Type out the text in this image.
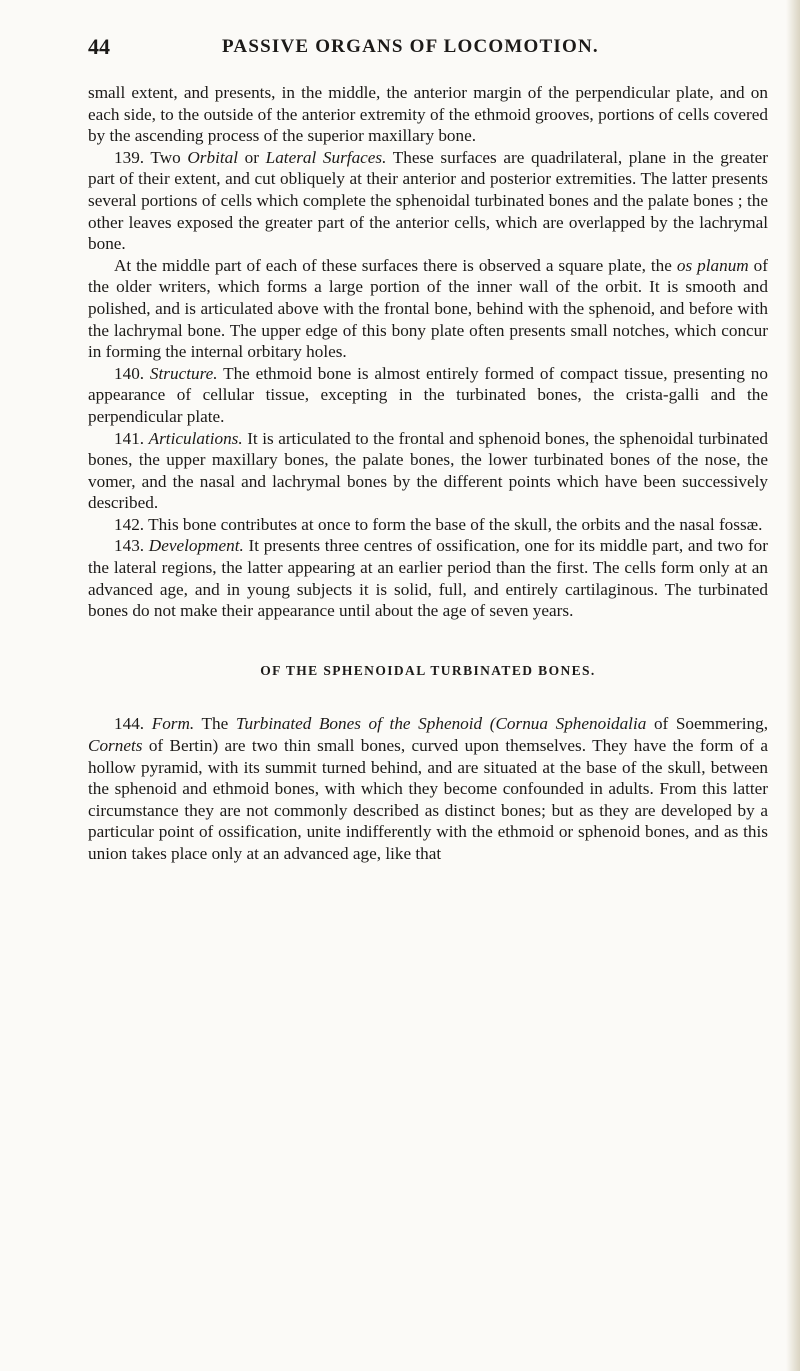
44	PASSIVE ORGANS OF LOCOMOTION.

small extent, and presents, in the middle, the anterior margin of the perpendicular plate, and on each side, to the outside of the anterior extremity of the ethmoid grooves, portions of cells covered by the ascending process of the superior maxillary bone.

139. Two Orbital or Lateral Surfaces. These surfaces are quadrilateral, plane in the greater part of their extent, and cut obliquely at their anterior and posterior extremities. The latter presents several portions of cells which complete the sphenoidal turbinated bones and the palate bones ; the other leaves exposed the greater part of the anterior cells, which are overlapped by the lachrymal bone.

At the middle part of each of these surfaces there is observed a square plate, the os planum of the older writers, which forms a large portion of the inner wall of the orbit. It is smooth and polished, and is articulated above with the frontal bone, behind with the sphenoid, and before with the lachrymal bone. The upper edge of this bony plate often presents small notches, which concur in forming the internal orbitary holes.

140. Structure. The ethmoid bone is almost entirely formed of compact tissue, presenting no appearance of cellular tissue, excepting in the turbinated bones, the crista-galli and the perpendicular plate.

141. Articulations. It is articulated to the frontal and sphenoid bones, the sphenoidal turbinated bones, the upper maxillary bones, the palate bones, the lower turbinated bones of the nose, the vomer, and the nasal and lachrymal bones by the different points which have been successively described.

142. This bone contributes at once to form the base of the skull, the orbits and the nasal fossæ.

143. Development. It presents three centres of ossification, one for its middle part, and two for the lateral regions, the latter appearing at an earlier period than the first. The cells form only at an advanced age, and in young subjects it is solid, full, and entirely cartilaginous. The turbinated bones do not make their appearance until about the age of seven years.

OF THE SPHENOIDAL TURBINATED BONES.

144. Form. The Turbinated Bones of the Sphenoid (Cornua Sphenoidalia of Soemmering, Cornets of Bertin) are two thin small bones, curved upon themselves. They have the form of a hollow pyramid, with its summit turned behind, and are situated at the base of the skull, between the sphenoid and ethmoid bones, with which they become confounded in adults. From this latter circumstance they are not commonly described as distinct bones; but as they are developed by a particular point of ossification, unite indifferently with the ethmoid or sphenoid bones, and as this union takes place only at an advanced age, like that
